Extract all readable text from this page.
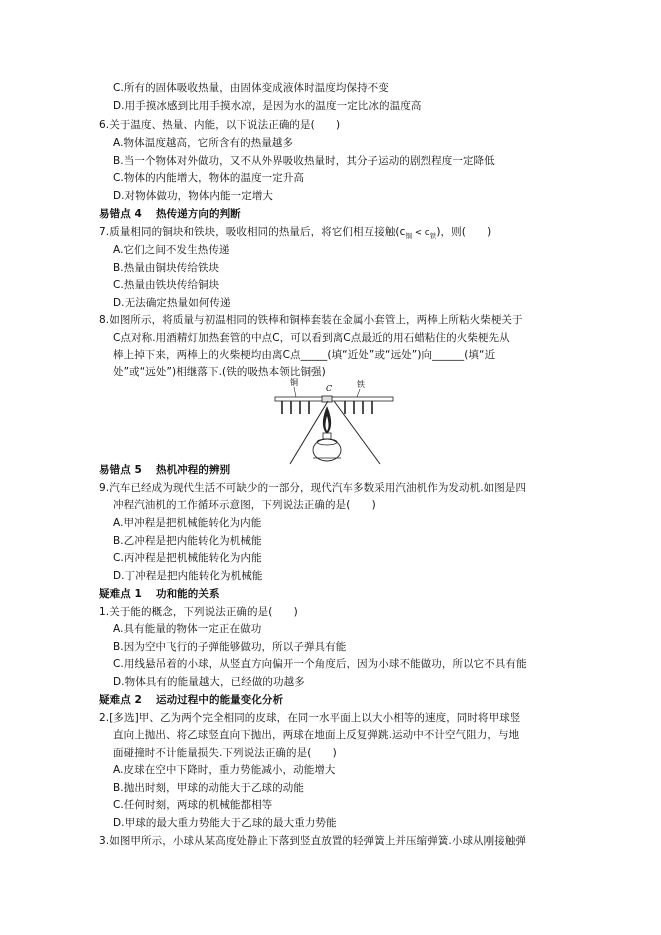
C.所有的固体吸收热量，由固体变成液体时温度均保持不变
D.用手摸冰感到比用手摸水凉，是因为水的温度一定比冰的温度高
6.关于温度、热量、内能，以下说法正确的是(　　)
A.物体温度越高，它所含有的热量越多
B.当一个物体对外做功，又不从外界吸收热量时，其分子运动的剧烈程度一定降低
C.物体的内能增大，物体的温度一定升高
D.对物体做功，物体内能一定增大
易错点 4 热传递方向的判断
7.质量相同的铜块和铁块，吸收相同的热量后，将它们相互接触$(c_铜 < c_铁)$，则(　　)
A.它们之间不发生热传递
B.热量由铜块传给铁块
C.热量由铁块传给铜块
D.无法确定热量如何传递
8.如图所示，将质量与初温相同的铁棒和铜棒套装在金属小套管上，两棒上所粘火柴梗关于
C点对称.用酒精灯加热套管的中点C，可以看到离C点最近的用石蜡粘住的火柴梗先从
棒上掉下来，两棒上的火柴梗均由离C点_____(填“近处”或“远处”)向______(填“近
处”或“远处”)相继落下.(铁的吸热本领比铜强)
铜
C	铁
易错点 5 热机冲程的辨别
9.汽车已经成为现代生活不可缺少的一部分，现代汽车多数采用汽油机作为发动机.如图是四
冲程汽油机的工作循环示意图，下列说法正确的是(　　)
A.甲冲程是把机械能转化为内能
B.乙冲程是把内能转化为机械能
C.丙冲程是把机械能转化为内能
D.丁冲程是把内能转化为机械能
疑难点 1 功和能的关系
1.关于能的概念，下列说法正确的是(　　)
A.具有能量的物体一定正在做功
B.因为空中飞行的子弹能够做功，所以子弹具有能
C.用线悬吊着的小球，从竖直方向偏开一个角度后，因为小球不能做功，所以它不具有能
D.物体具有的能量越大，已经做的功越多
疑难点 2 运动过程中的能量变化分析
2.[多选]甲、乙为两个完全相同的皮球，在同一水平面上以大小相等的速度，同时将甲球竖
直向上抛出、将乙球竖直向下抛出，两球在地面上反复弹跳.运动中不计空气阻力，与地
面碰撞时不计能量损失.下列说法正确的是(　　)
A.皮球在空中下降时，重力势能减小，动能增大
B.抛出时刻，甲球的动能大于乙球的动能
C.任何时刻，两球的机械能都相等
D.甲球的最大重力势能大于乙球的最大重力势能
3.如图甲所示，小球从某高度处静止下落到竖直放置的轻弹簧上并压缩弹簧.小球从刚接触弹
